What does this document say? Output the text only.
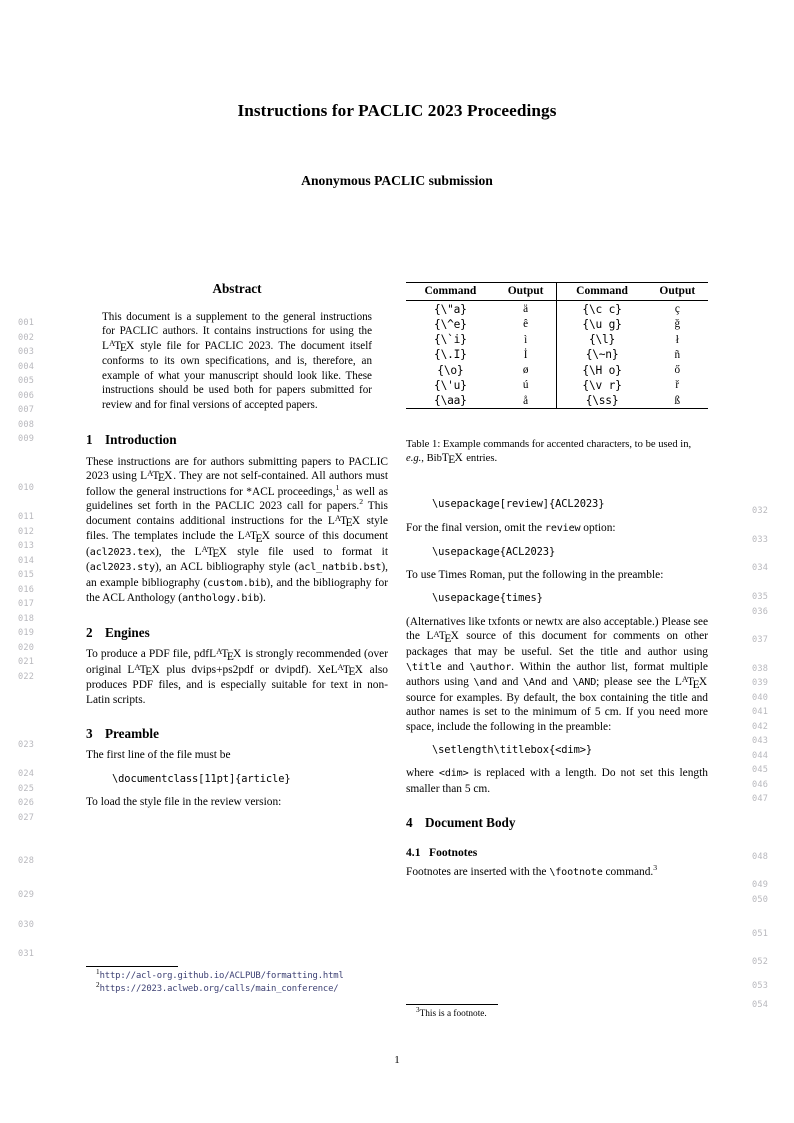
Instructions for PACLIC 2023 Proceedings
Anonymous PACLIC submission
001
002
003
004
005
006
007
008
009
010
011
012
013
014
015
016
017
018
019
020
021
022
023
024
025
026
027
028
029
030
031
032
033
034
035
036
037
038
039
040
041
042
043
044
045
046
047
048
049
050
051
052
053
054
Abstract
This document is a supplement to the general instructions for PACLIC authors. It contains instructions for using the $L^ATEX$ style file for PACLIC 2023. The document itself conforms to its own specifications, and is, therefore, an example of what your manuscript should look like. These instructions should be used both for papers submitted for review and for final versions of accepted papers.
1 Introduction

These instructions are for authors submitting papers to PACLIC 2023 using $L^ATEX$. They are not self-contained. All authors must follow the general instructions for *ACL proceedings,$^1$ as well as guidelines set forth in the PACLIC 2023 call for papers.$^2$ This document contains additional instructions for the $L^ATEX$ style files. The templates include the $L^ATEX$ source of this document (acl2023.tex), the $L^ATEX$ style file used to format it (acl2023.sty), an ACL bibliography style (acl_natbib.bst), an example bibliography (custom.bib), and the bibliography for the ACL Anthology (anthology.bib).

2 Engines

To produce a PDF file, pdfL$^A$TEX is strongly recommended (over original $L^ATEX$ plus dvips+ps2pdf or dvipdf). XeL$^A$TEX also produces PDF files, and is especially suitable for text in non-Latin scripts.

3 Preamble

The first line of the file must be

\documentclass[11pt]{article}

To load the style file in the review version:

$^1$http://acl-org.github.io/ACLPUB/formatting.html
$^2$https://2023.aclweb.org/calls/main_conference/
Command	Output	Command	Output
{\"a}	ä	{\c c}	ç
{\^e}	ê	{\u g}	ğ
{\`i}	ì	{\l}	ł
{\.I}	İ	{\~n}	ñ
{\o}	ø	{\H o}	ő
{\'u}	ú	{\v r}	ř
{\aa}	å	{\ss}	ß
Table 1: Example commands for accented characters, to be used in, e.g., BibTEX entries.
\usepackage[review]{ACL2023}

For the final version, omit the review option:

\usepackage{ACL2023}

To use Times Roman, put the following in the preamble:

\usepackage{times}

(Alternatives like txfonts or newtx are also acceptable.) Please see the $L^ATEX$ source of this document for comments on other packages that may be useful. Set the title and author using \title and \author. Within the author list, format multiple authors using \and and \And and \AND; please see the $L^ATEX$ source for examples. By default, the box containing the title and author names is set to the minimum of 5 cm. If you need more space, include the following in the preamble:

\setlength\titlebox{<dim>}

where <dim> is replaced with a length. Do not set this length smaller than 5 cm.

4 Document Body
4.1 Footnotes

Footnotes are inserted with the \footnote command.$^3$

$^3$This is a footnote.
1
